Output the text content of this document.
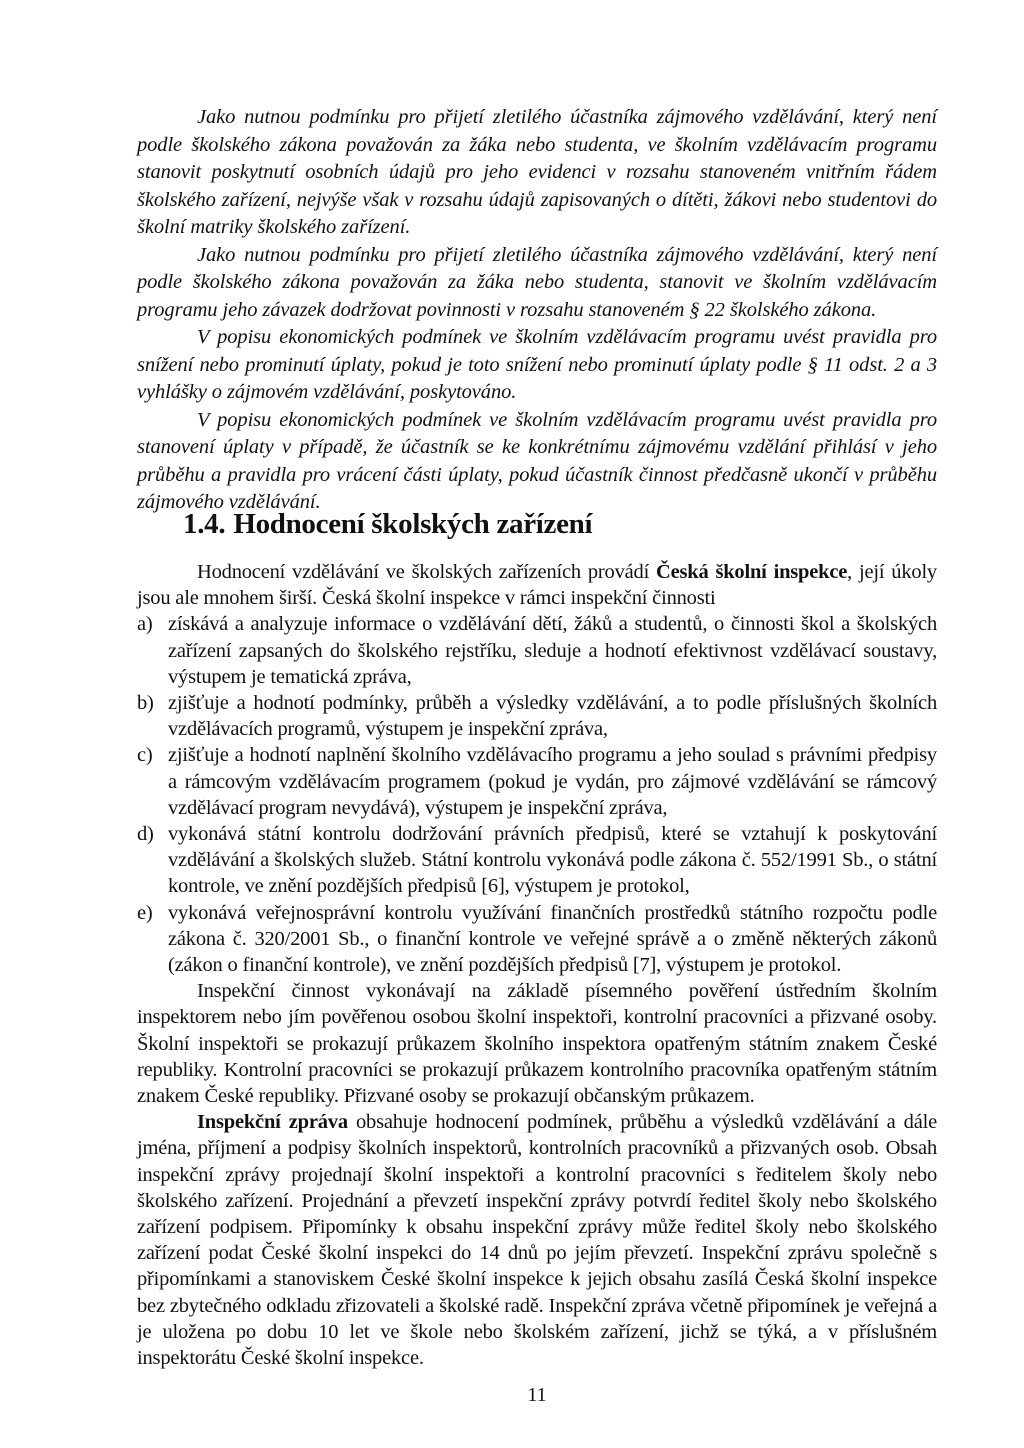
Jako nutnou podmínku pro přijetí zletilého účastníka zájmového vzdělávání, který není podle školského zákona považován za žáka nebo studenta, ve školním vzdělávacím programu stanovit poskytnutí osobních údajů pro jeho evidenci v rozsahu stanoveném vnitřním řádem školského zařízení, nejvýše však v rozsahu údajů zapisovaných o dítěti, žákovi nebo studentovi do školní matriky školského zařízení.

Jako nutnou podmínku pro přijetí zletilého účastníka zájmového vzdělávání, který není podle školského zákona považován za žáka nebo studenta, stanovit ve školním vzdělávacím programu jeho závazek dodržovat povinnosti v rozsahu stanoveném § 22 školského zákona.

V popisu ekonomických podmínek ve školním vzdělávacím programu uvést pravidla pro snížení nebo prominutí úplaty, pokud je toto snížení nebo prominutí úplaty podle § 11 odst. 2 a 3 vyhlášky o zájmovém vzdělávání, poskytováno.

V popisu ekonomických podmínek ve školním vzdělávacím programu uvést pravidla pro stanovení úplaty v případě, že účastník se ke konkrétnímu zájmovému vzdělání přihlásí v jeho průběhu a pravidla pro vrácení části úplaty, pokud účastník činnost předčasně ukončí v průběhu zájmového vzdělávání.

1.4. Hodnocení školských zařízení

Hodnocení vzdělávání ve školských zařízeních provádí Česká školní inspekce, její úkoly jsou ale mnohem širší. Česká školní inspekce v rámci inspekční činnosti

a) získává a analyzuje informace o vzdělávání dětí, žáků a studentů, o činnosti škol a školských zařízení zapsaných do školského rejstříku, sleduje a hodnotí efektivnost vzdělávací soustavy, výstupem je tematická zpráva,
b) zjišťuje a hodnotí podmínky, průběh a výsledky vzdělávání, a to podle příslušných školních vzdělávacích programů, výstupem je inspekční zpráva,
c) zjišťuje a hodnotí naplnění školního vzdělávacího programu a jeho soulad s právními předpisy a rámcovým vzdělávacím programem (pokud je vydán, pro zájmové vzdělávání se rámcový vzdělávací program nevydává), výstupem je inspekční zpráva,
d) vykonává státní kontrolu dodržování právních předpisů, které se vztahují k poskytování vzdělávání a školských služeb. Státní kontrolu vykonává podle zákona č. 552/1991 Sb., o státní kontrole, ve znění pozdějších předpisů [6], výstupem je protokol,
e) vykonává veřejnosprávní kontrolu využívání finančních prostředků státního rozpočtu podle zákona č. 320/2001 Sb., o finanční kontrole ve veřejné správě a o změně některých zákonů (zákon o finanční kontrole), ve znění pozdějších předpisů [7], výstupem je protokol.

Inspekční činnost vykonávají na základě písemného pověření ústředním školním inspektorem nebo jím pověřenou osobou školní inspektoři, kontrolní pracovníci a přizvané osoby. Školní inspektoři se prokazují průkazem školního inspektora opatřeným státním znakem České republiky. Kontrolní pracovníci se prokazují průkazem kontrolního pracovníka opatřeným státním znakem České republiky. Přizvané osoby se prokazují občanským průkazem.

Inspekční zpráva obsahuje hodnocení podmínek, průběhu a výsledků vzdělávání a dále jména, příjmení a podpisy školních inspektorů, kontrolních pracovníků a přizvaných osob. Obsah inspekční zprávy projednají školní inspektoři a kontrolní pracovníci s ředitelem školy nebo školského zařízení. Projednání a převzetí inspekční zprávy potvrdí ředitel školy nebo školského zařízení podpisem. Připomínky k obsahu inspekční zprávy může ředitel školy nebo školského zařízení podat České školní inspekci do 14 dnů po jejím převzetí. Inspekční zprávu společně s připomínkami a stanoviskem České školní inspekce k jejich obsahu zasílá Česká školní inspekce bez zbytečného odkladu zřizovateli a školské radě. Inspekční zpráva včetně připomínek je veřejná a je uložena po dobu 10 let ve škole nebo školském zařízení, jichž se týká, a v příslušném inspektorátu České školní inspekce.

11
